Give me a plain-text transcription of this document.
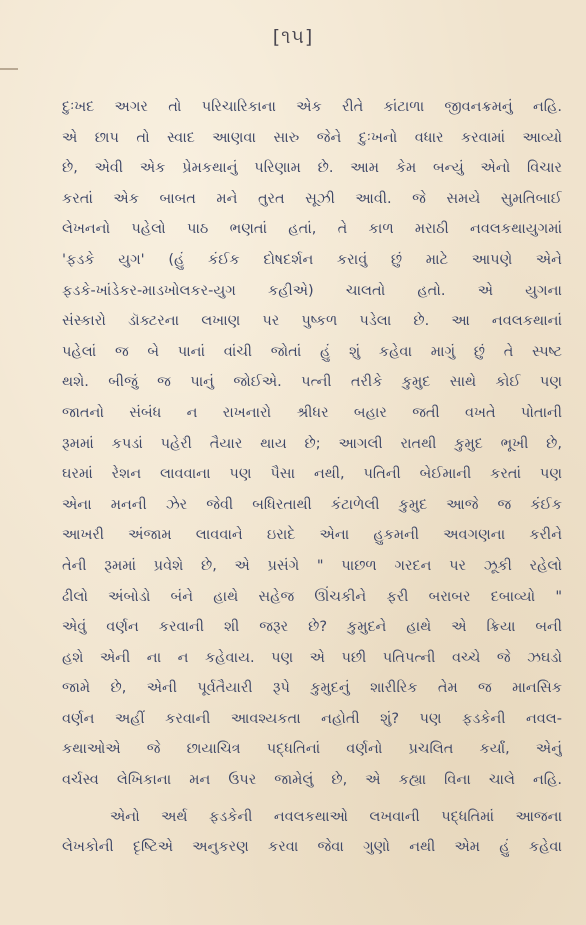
[૧૫]
દુઃખદ અગર તો પરિચારિકાના એક રીતે કાંટાળા જીવનક્રમનું નહિ.
એ છાપ તો સ્વાદ આણવા સારુ જેને દુઃખનો વધાર કરવામાં આવ્યો
છે, એવી એક પ્રેમકથાનું પરિણામ છે. આમ કેમ બન્યું એનો વિચાર
કરતાં એક બાબત મને તુરત સૂઝી આવી. જે સમયે સુમતિબાઈ
લેખનનો પહેલો પાઠ ભણતાં હતાં, તે કાળ મરાઠી નવલકથાયુગમાં
'ફડકે યુગ' (હું કંઈક દોષદર્શન કરાવું છું માટે આપણે એને
ફડકે-ખાંડેકર-માડખોલકર-યુગ કહીએ) ચાલતો હતો. એ યુગના
સંસ્કારો ડૉક્ટરના લખાણ પર પુષ્કળ પડેલા છે. આ નવલકથાનાં
પહેલાં જ બે પાનાં વાંચી જોતાં હું શું કહેવા માગું છું તે સ્પષ્ટ
થશે. બીજું જ પાનું જોઈએ. પત્ની તરીકે કુમુદ સાથે કોઈ પણ
જાતનો સંબંધ ન રાખનારો શ્રીધર બહાર જતી વખતે પોતાની
રૂમમાં કપડાં પહેરી તૈયાર થાય છે; આગલી રાતથી કુમુદ ભૂખી છે,
ઘરમાં રેશન લાવવાના પણ પૈસા નથી, પતિની બેઈમાની કરતાં પણ
એના મનની ઝેર જેવી બધિરતાથી કંટાળેલી કુમુદ આજે જ કંઈક
આખરી અંજામ લાવવાને ઇરાદે એના હુકમની અવગણના કરીને
તેની રૂમમાં પ્રવેશે છે, એ પ્રસંગે " પાછળ ગરદન પર ઝૂકી રહેલો
ઢીલો અંબોડો બંને હાથે સહેજ ઊંચકીને ફરી બરાબર દબાવ્યો "
એવું વર્ણન કરવાની શી જરૂર છે? કુમુદને હાથે એ ક્રિયા બની
હશે એની ના ન કહેવાય. પણ એ પછી પતિપત્ની વચ્ચે જે ઝઘડો
જામે છે, એની પૂર્વતૈયારી રૂપે કુમુદનું શારીરિક તેમ જ માનસિક
વર્ણન અહીં કરવાની આવશ્યકતા નહોતી શું? પણ ફડકેની નવલ-
કથાઓએ જે છાયાચિત્ર પદ્ધતિનાં વર્ણનો પ્રચલિત કર્યાં, એનું
વર્ચસ્વ લેખિકાના મન ઉપર જામેલું છે, એ કહ્યા વિના ચાલે નહિ.
એનો અર્થ ફડકેની નવલકથાઓ લખવાની પદ્ધતિમાં આજના
લેખકોની દૃષ્ટિએ અનુકરણ કરવા જેવા ગુણો નથી એમ હું કહેવા
